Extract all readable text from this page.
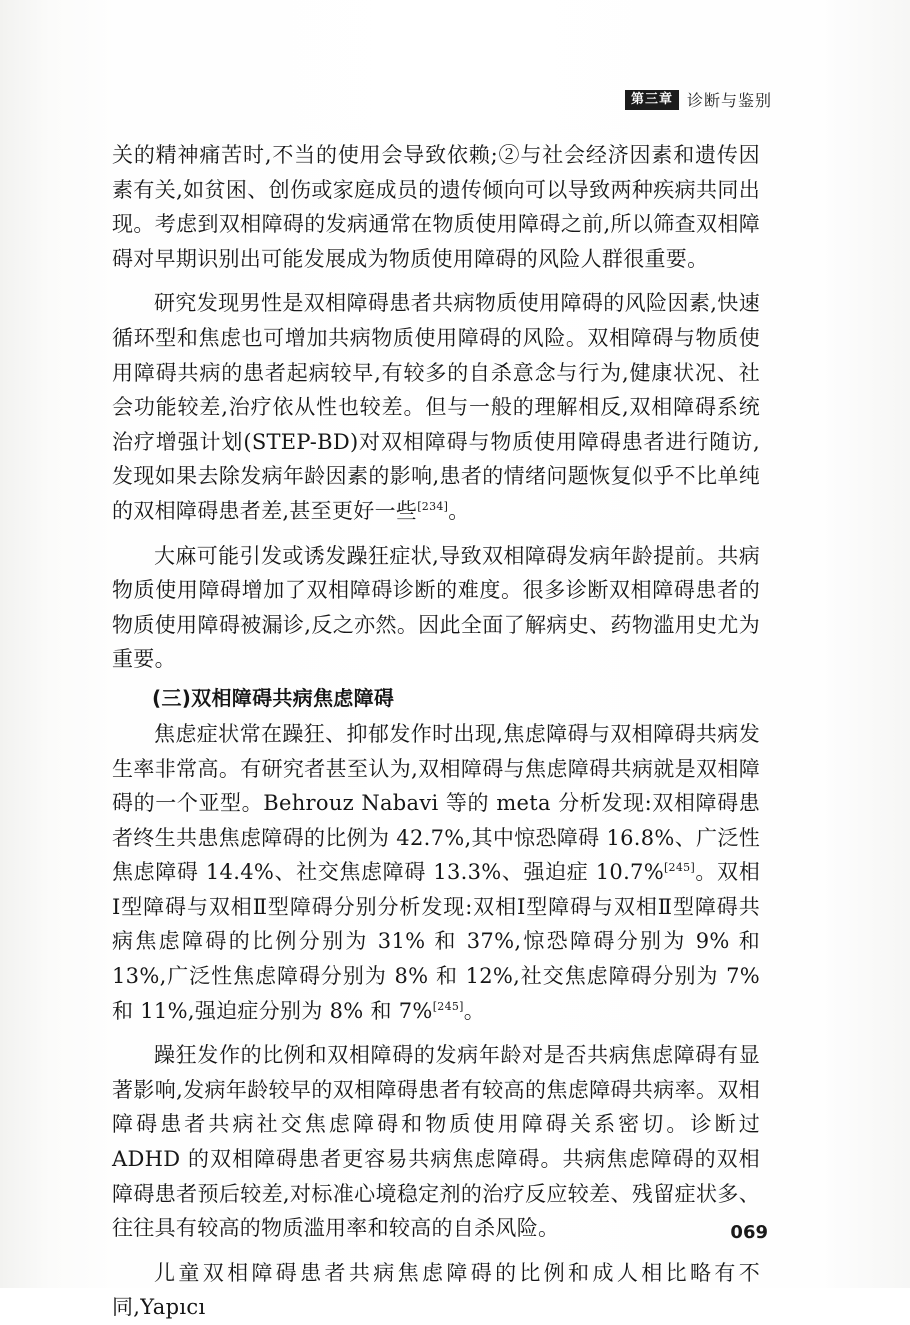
第三章 诊断与鉴别

关的精神痛苦时,不当的使用会导致依赖;②与社会经济因素和遗传因素有关,如贫困、创伤或家庭成员的遗传倾向可以导致两种疾病共同出现。考虑到双相障碍的发病通常在物质使用障碍之前,所以筛查双相障碍对早期识别出可能发展成为物质使用障碍的风险人群很重要。

研究发现男性是双相障碍患者共病物质使用障碍的风险因素,快速循环型和焦虑也可增加共病物质使用障碍的风险。双相障碍与物质使用障碍共病的患者起病较早,有较多的自杀意念与行为,健康状况、社会功能较差,治疗依从性也较差。但与一般的理解相反,双相障碍系统治疗增强计划(STEP-BD)对双相障碍与物质使用障碍患者进行随访,发现如果去除发病年龄因素的影响,患者的情绪问题恢复似乎不比单纯的双相障碍患者差,甚至更好一些[234]。

大麻可能引发或诱发躁狂症状,导致双相障碍发病年龄提前。共病物质使用障碍增加了双相障碍诊断的难度。很多诊断双相障碍患者的物质使用障碍被漏诊,反之亦然。因此全面了解病史、药物滥用史尤为重要。

(三)双相障碍共病焦虑障碍

焦虑症状常在躁狂、抑郁发作时出现,焦虑障碍与双相障碍共病发生率非常高。有研究者甚至认为,双相障碍与焦虑障碍共病就是双相障碍的一个亚型。Behrouz Nabavi 等的 meta 分析发现:双相障碍患者终生共患焦虑障碍的比例为 42.7%,其中惊恐障碍 16.8%、广泛性焦虑障碍 14.4%、社交焦虑障碍 13.3%、强迫症 10.7%[245]。双相Ⅰ型障碍与双相Ⅱ型障碍分别分析发现:双相Ⅰ型障碍与双相Ⅱ型障碍共病焦虑障碍的比例分别为 31% 和 37%,惊恐障碍分别为 9% 和 13%,广泛性焦虑障碍分别为 8% 和 12%,社交焦虑障碍分别为 7% 和 11%,强迫症分别为 8% 和 7%[245]。

躁狂发作的比例和双相障碍的发病年龄对是否共病焦虑障碍有显著影响,发病年龄较早的双相障碍患者有较高的焦虑障碍共病率。双相障碍患者共病社交焦虑障碍和物质使用障碍关系密切。诊断过 ADHD 的双相障碍患者更容易共病焦虑障碍。共病焦虑障碍的双相障碍患者预后较差,对标准心境稳定剂的治疗反应较差、残留症状多、往往具有较高的物质滥用率和较高的自杀风险。

儿童双相障碍患者共病焦虑障碍的比例和成人相比略有不同,Yapıcı

069
